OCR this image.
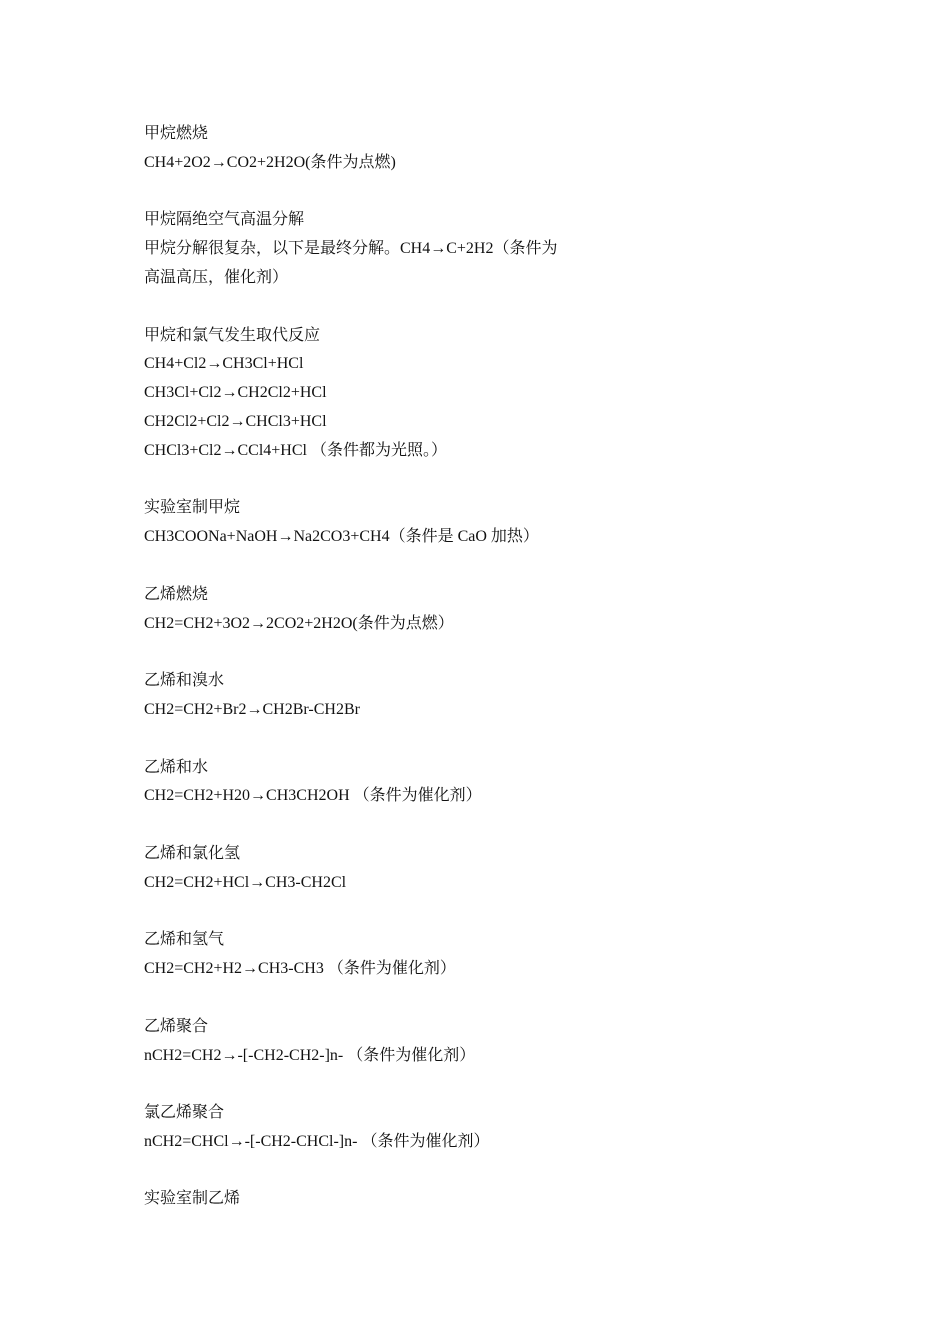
甲烷燃烧

CH4+2O2→CO2+2H2O(条件为点燃)

甲烷隔绝空气高温分解

甲烷分解很复杂，以下是最终分解。CH4→C+2H2（条件为

高温高压，催化剂）

甲烷和氯气发生取代反应

CH4+Cl2→CH3Cl+HCl

CH3Cl+Cl2→CH2Cl2+HCl

CH2Cl2+Cl2→CHCl3+HCl

CHCl3+Cl2→CCl4+HCl （条件都为光照。）

实验室制甲烷

CH3COONa+NaOH→Na2CO3+CH4（条件是 CaO 加热）

乙烯燃烧

CH2=CH2+3O2→2CO2+2H2O(条件为点燃）

乙烯和溴水

CH2=CH2+Br2→CH2Br-CH2Br

乙烯和水

CH2=CH2+H20→CH3CH2OH （条件为催化剂）

乙烯和氯化氢

CH2=CH2+HCl→CH3-CH2Cl

乙烯和氢气

CH2=CH2+H2→CH3-CH3 （条件为催化剂）

乙烯聚合

nCH2=CH2→-[-CH2-CH2-]n- （条件为催化剂）

氯乙烯聚合

nCH2=CHCl→-[-CH2-CHCl-]n- （条件为催化剂）

实验室制乙烯
